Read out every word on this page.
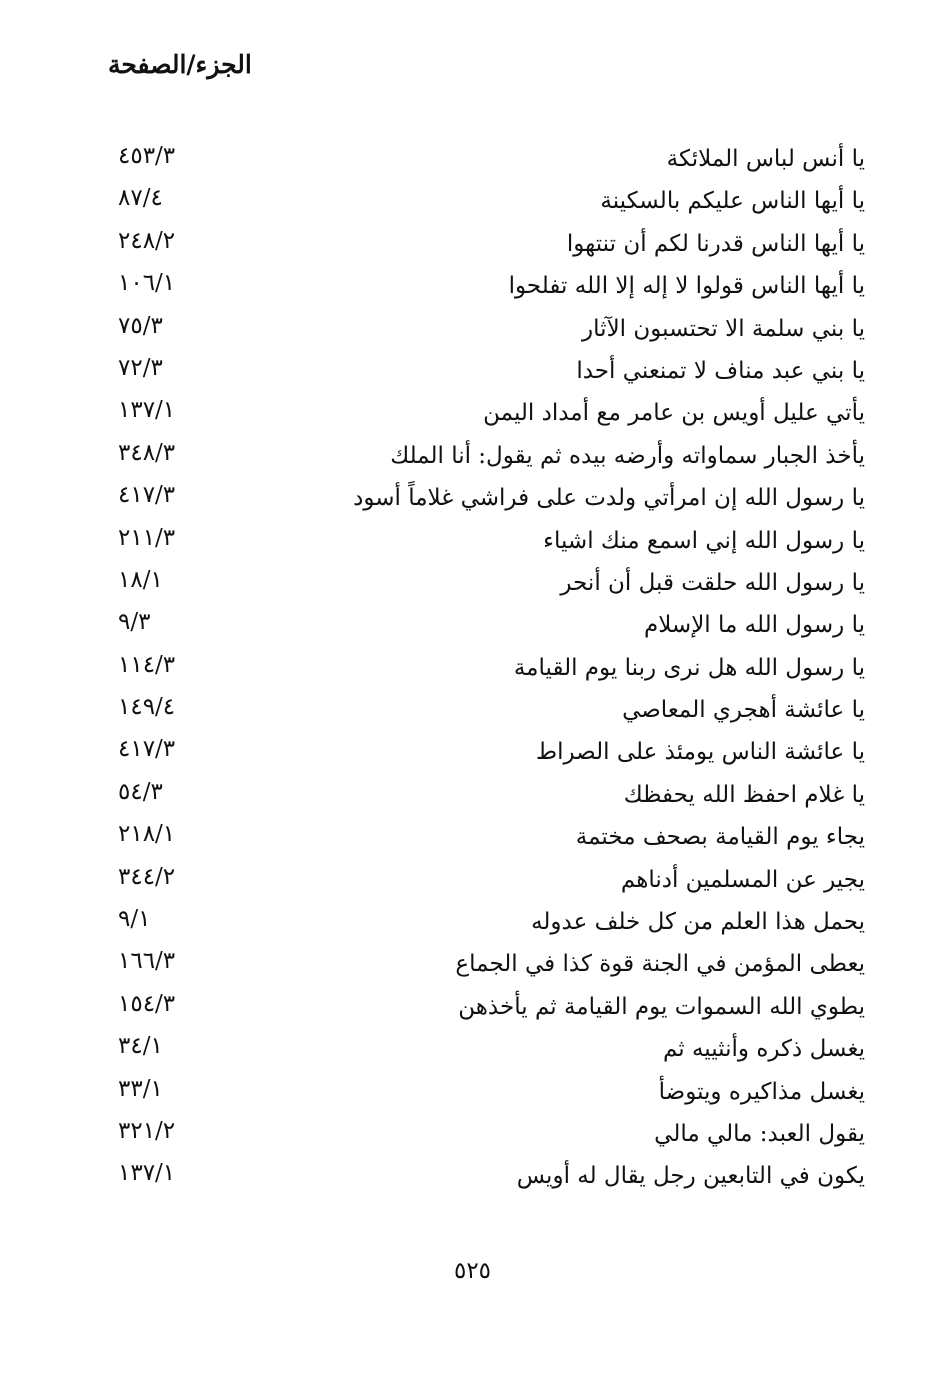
الجزء/الصفحة
يا أنس لباس الملائكة
٤٥٣/٣
يا أيها الناس عليكم بالسكينة
٨٧/٤
يا أيها الناس قدرنا لكم أن تنتهوا
٢٤٨/٢
يا أيها الناس قولوا لا إله إلا الله تفلحوا
١٠٦/١
يا بني سلمة الا تحتسبون الآثار
٧٥/٣
يا بني عبد مناف لا تمنعني أحدا
٧٢/٣
يأتي عليل أويس بن عامر مع أمداد اليمن
١٣٧/١
يأخذ الجبار سماواته وأرضه بيده ثم يقول: أنا الملك
٣٤٨/٣
يا رسول الله إن امرأتي ولدت على فراشي غلاماً أسود
٤١٧/٣
يا رسول الله إني اسمع منك اشياء
٢١١/٣
يا رسول الله حلقت قبل أن أنحر
١٨/١
يا رسول الله ما الإسلام
٩/٣
يا رسول الله هل نرى ربنا يوم القيامة
١١٤/٣
يا عائشة أهجري المعاصي
١٤٩/٤
يا عائشة الناس يومئذ على الصراط
٤١٧/٣
يا غلام احفظ الله يحفظك
٥٤/٣
يجاء يوم القيامة بصحف مختمة
٢١٨/١
يجير عن المسلمين أدناهم
٣٤٤/٢
يحمل هذا العلم من كل خلف عدوله
٩/١
يعطى المؤمن في الجنة قوة كذا في الجماع
١٦٦/٣
يطوي الله السموات يوم القيامة ثم يأخذهن
١٥٤/٣
يغسل ذكره وأنثييه ثم
٣٤/١
يغسل مذاكيره ويتوضأ
٣٣/١
يقول العبد: مالي مالي
٣٢١/٢
يكون في التابعين رجل يقال له أويس
١٣٧/١
٥٢٥
